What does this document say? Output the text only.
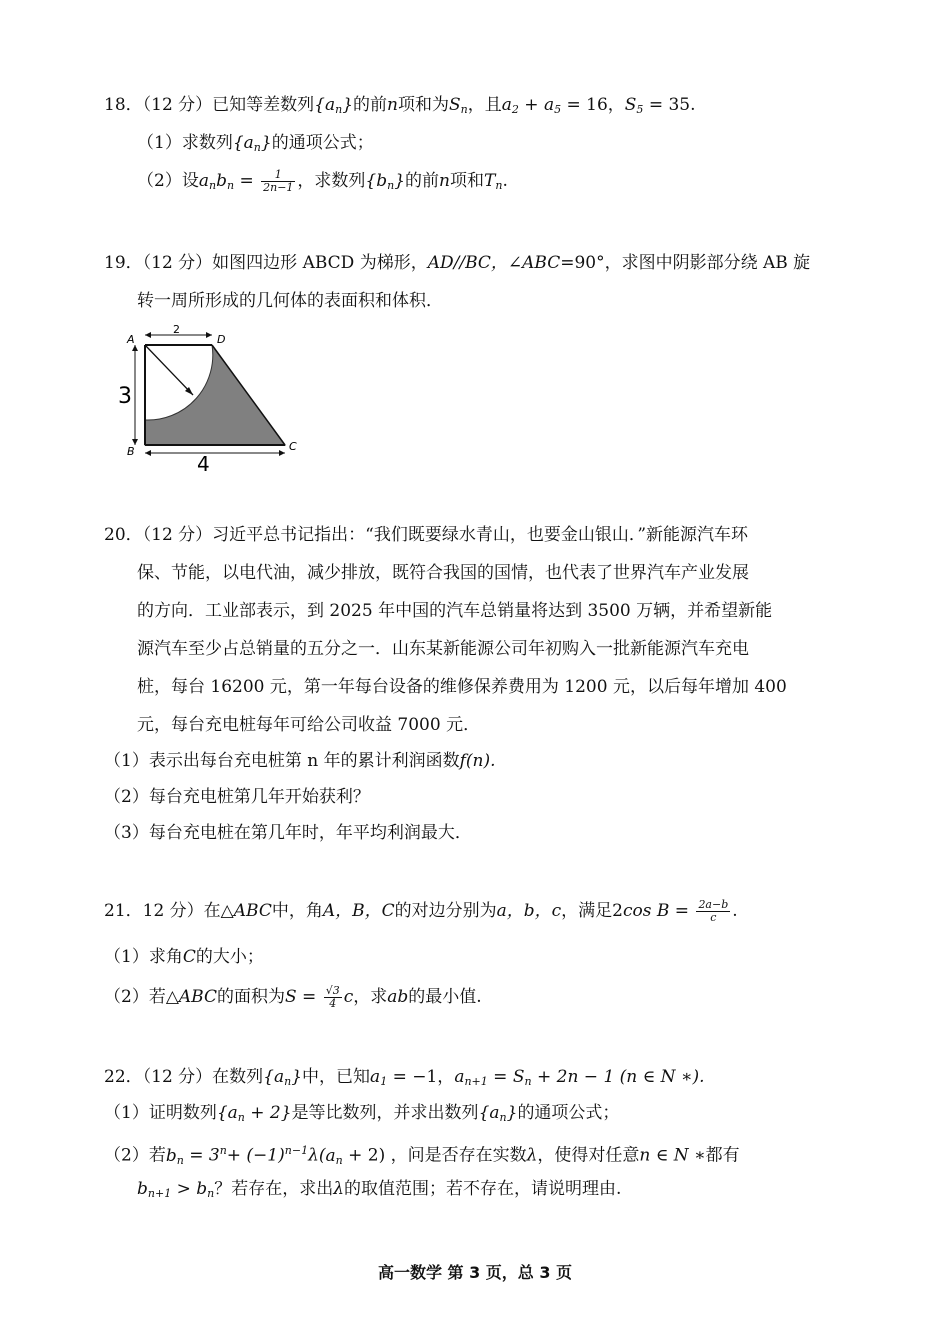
18．（12 分）已知等差数列$\{a_n\}$的前n项和为$S_n$，且$a_2 + a_5 = 16$，$S_5 = 35$.
（1）求数列$\{a_n\}$的通项公式；
（2）设$a_nb_n = \frac{1}{2n-1}$ ，求数列$\{b_n\}$的前n项和$T_n$.
19．（12 分）如图四边形 ABCD 为梯形，AD//BC，∠ABC=90°，求图中阴影部分绕 AB 旋
转一周所形成的几何体的表面积和体积．
A	D
B	C
2
3
4
20．（12 分）习近平总书记指出：“我们既要绿水青山，也要金山银山．”新能源汽车环
保、节能，以电代油，减少排放，既符合我国的国情，也代表了世界汽车产业发展
的方向．工业部表示，到 2025 年中国的汽车总销量将达到 3500 万辆，并希望新能
源汽车至少占总销量的五分之一．山东某新能源公司年初购入一批新能源汽车充电
桩，每台 16200 元，第一年每台设备的维修保养费用为 1200 元，以后每年增加 400
元，每台充电桩每年可给公司收益 7000 元．
（1）表示出每台充电桩第 n 年的累计利润函数f(n).
（2）每台充电桩第几年开始获利？
（3）每台充电桩在第几年时，年平均利润最大．
21．12 分）在△ABC中，角A，B，C的对边分别为a，b，c，满足2cos $B = \frac{2a-b}{c}$ .
（1）求角C的大小；
（2）若△ABC的面积为$S = \frac{√3}{4}$ c，求ab的最小值.
22．（12 分）在数列$\{a_n\}$中，已知$a_1 = -1$，$a_{n+1} = S_n + 2n - 1$ (n ∈ N ∗).
（1）证明数列$\{a_n + 2\}$是等比数列，并求出数列$\{a_n\}$的通项公式；
（2）若$b_n = 3^n+ (-1)^{n-1}\lambda(a_n + 2)$ ，问是否存在实数λ，使得对任意n ∈ N ∗都有
$b_{n+1} > b_n$？若存在，求出λ的取值范围；若不存在，请说明理由.
高一数学 第 3 页，总 3 页
